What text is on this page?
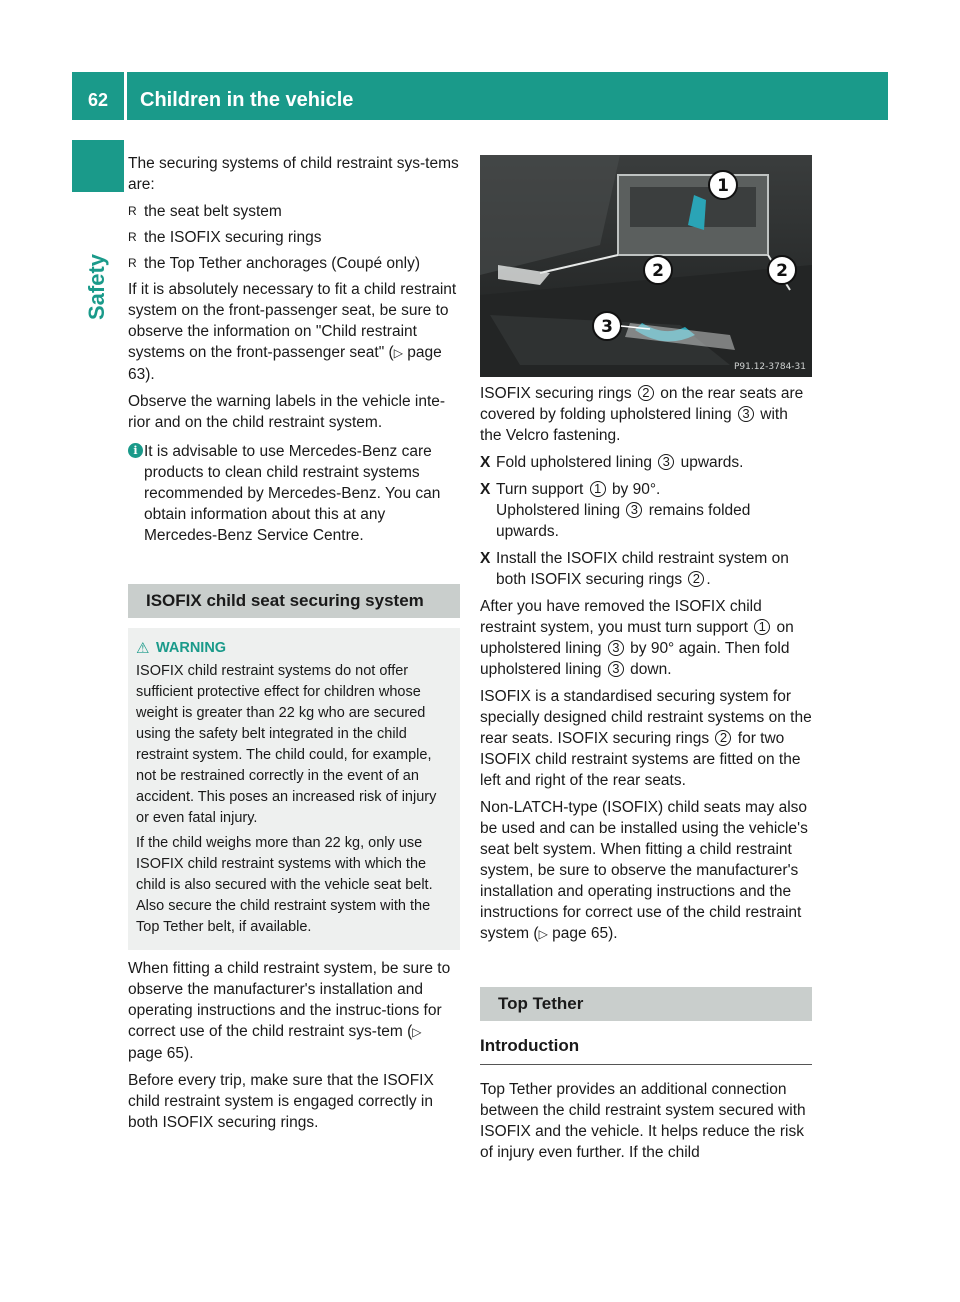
62	Children in the vehicle
Safety

The securing systems of child restraint sys-tems are:

R the seat belt system
R the ISOFIX securing rings
R the Top Tether anchorages (Coupé only)

If it is absolutely necessary to fit a child restraint system on the front-passenger seat, be sure to observe the information on "Child restraint systems on the front-passenger seat" (▷ page 63).

Observe the warning labels in the vehicle inte-rior and on the child restraint system.

i It is advisable to use Mercedes-Benz care products to clean child restraint systems recommended by Mercedes-Benz. You can obtain information about this at any Mercedes-Benz Service Centre.
ISOFIX child seat securing system
⚠ WARNING

ISOFIX child restraint systems do not offer sufficient protective effect for children whose weight is greater than 22 kg who are secured using the safety belt integrated in the child restraint system. The child could, for example, not be restrained correctly in the event of an accident. This poses an increased risk of injury or even fatal injury.

If the child weighs more than 22 kg, only use ISOFIX child restraint systems with which the child is also secured with the vehicle seat belt. Also secure the child restraint system with the Top Tether belt, if available.

When fitting a child restraint system, be sure to observe the manufacturer's installation and operating instructions and the instruc-tions for correct use of the child restraint sys-tem (▷ page 65).

Before every trip, make sure that the ISOFIX child restraint system is engaged correctly in both ISOFIX securing rings.

1
2	2
3
P91.12-3784-31

ISOFIX securing rings 2 on the rear seats are covered by folding upholstered lining 3 with the Velcro fastening.

X Fold upholstered lining 3 upwards.
X Turn support 1 by 90°.
Upholstered lining 3 remains folded upwards.
X Install the ISOFIX child restraint system on both ISOFIX securing rings 2 .

After you have removed the ISOFIX child restraint system, you must turn support 1 on upholstered lining 3 by 90° again. Then fold upholstered lining 3 down.

ISOFIX is a standardised securing system for specially designed child restraint systems on the rear seats. ISOFIX securing rings 2 for two ISOFIX child restraint systems are fitted on the left and right of the rear seats.

Non-LATCH-type (ISOFIX) child seats may also be used and can be installed using the vehicle's seat belt system. When fitting a child restraint system, be sure to observe the manufacturer's installation and operating instructions and the instructions for correct use of the child restraint system (▷ page 65).

Top Tether
Introduction

Top Tether provides an additional connection between the child restraint system secured with ISOFIX and the vehicle. It helps reduce the risk of injury even further. If the child
